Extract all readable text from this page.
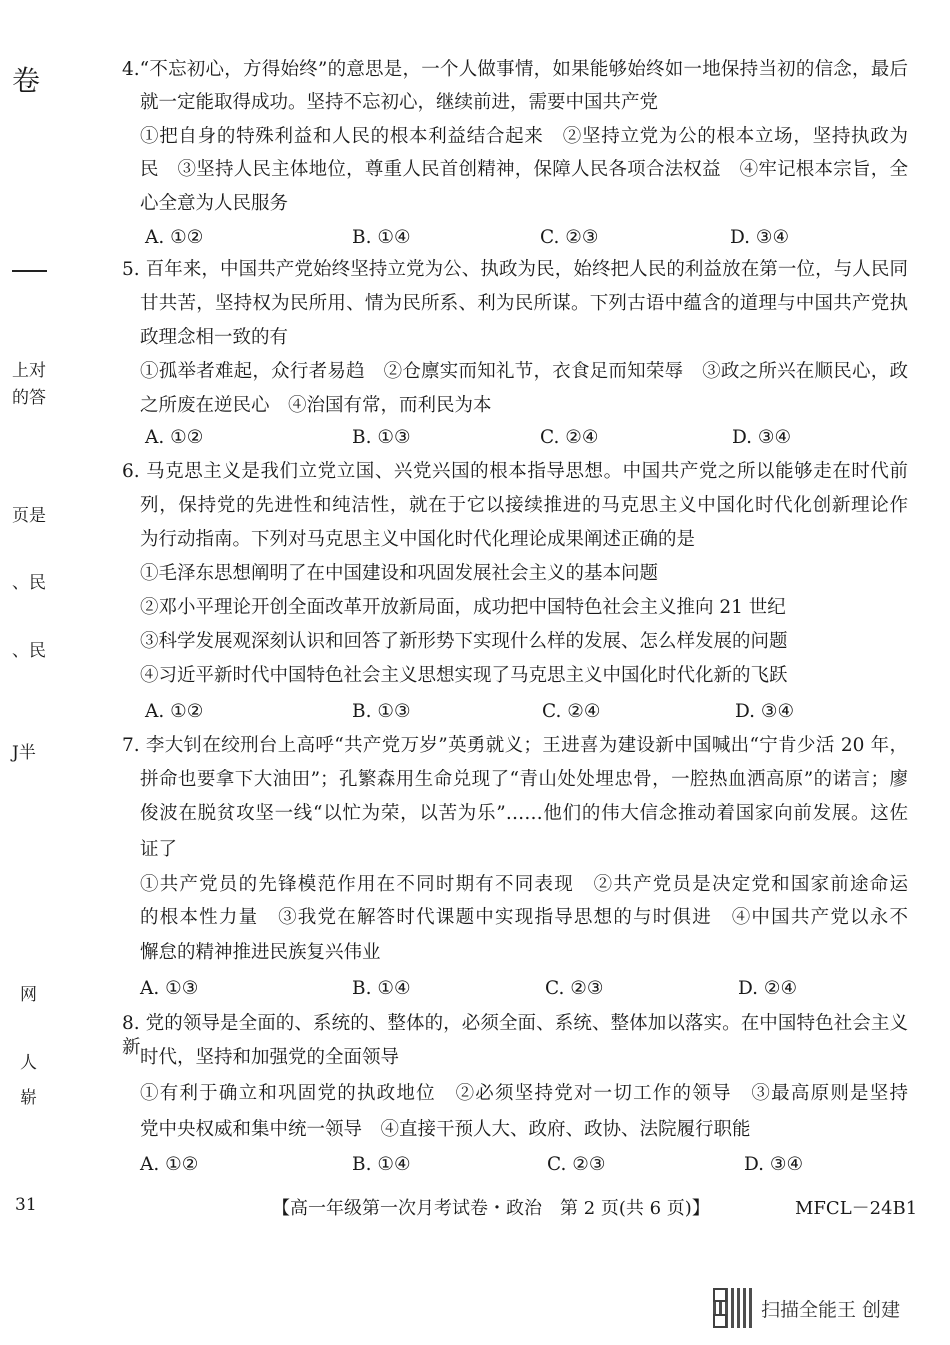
卷
上对
的答
页是
、民
、民
J半
网
人
崭
31
4.“不忘初心，方得始终”的意思是，一个人做事情，如果能够始终如一地保持当初的信念，最后
就一定能取得成功。坚持不忘初心，继续前进，需要中国共产党
①把自身的特殊利益和人民的根本利益结合起来　②坚持立党为公的根本立场，坚持执政为
民　③坚持人民主体地位，尊重人民首创精神，保障人民各项合法权益　④牢记根本宗旨，全
心全意为人民服务
A. ①②	B. ①④	C. ②③	D. ③④
5. 百年来，中国共产党始终坚持立党为公、执政为民，始终把人民的利益放在第一位，与人民同
甘共苦，坚持权为民所用、情为民所系、利为民所谋。下列古语中蕴含的道理与中国共产党执
政理念相一致的有
①孤举者难起，众行者易趋　②仓廪实而知礼节，衣食足而知荣辱　③政之所兴在顺民心，政
之所废在逆民心　④治国有常，而利民为本
A. ①②	B. ①③	C. ②④	D. ③④
6. 马克思主义是我们立党立国、兴党兴国的根本指导思想。中国共产党之所以能够走在时代前
列，保持党的先进性和纯洁性，就在于它以接续推进的马克思主义中国化时代化创新理论作
为行动指南。下列对马克思主义中国化时代化理论成果阐述正确的是
①毛泽东思想阐明了在中国建设和巩固发展社会主义的基本问题
②邓小平理论开创全面改革开放新局面，成功把中国特色社会主义推向 21 世纪
③科学发展观深刻认识和回答了新形势下实现什么样的发展、怎么样发展的问题
④习近平新时代中国特色社会主义思想实现了马克思主义中国化时代化新的飞跃
A. ①②	B. ①③	C. ②④	D. ③④
7. 李大钊在绞刑台上高呼“共产党万岁”英勇就义；王进喜为建设新中国喊出“宁肯少活 20 年，
拼命也要拿下大油田”；孔繁森用生命兑现了“青山处处埋忠骨，一腔热血洒高原”的诺言；廖
俊波在脱贫攻坚一线“以忙为荣，以苦为乐”……他们的伟大信念推动着国家向前发展。这佐
证了
①共产党员的先锋模范作用在不同时期有不同表现　②共产党员是决定党和国家前途命运
的根本性力量　③我党在解答时代课题中实现指导思想的与时俱进　④中国共产党以永不
懈怠的精神推进民族复兴伟业
A. ①③	B. ①④	C. ②③	D. ②④
8. 党的领导是全面的、系统的、整体的，必须全面、系统、整体加以落实。在中国特色社会主义新 时代，坚持和加强党的全面领导
①有利于确立和巩固党的执政地位　②必须坚持党对一切工作的领导　③最高原则是坚持
党中央权威和集中统一领导　④直接干预人大、政府、政协、法院履行职能
A. ①②	B. ①④	C. ②③	D. ③④
【高一年级第一次月考试卷・政治　第 2 页(共 6 页)】	MFCL－24B1
扫描全能王 创建
